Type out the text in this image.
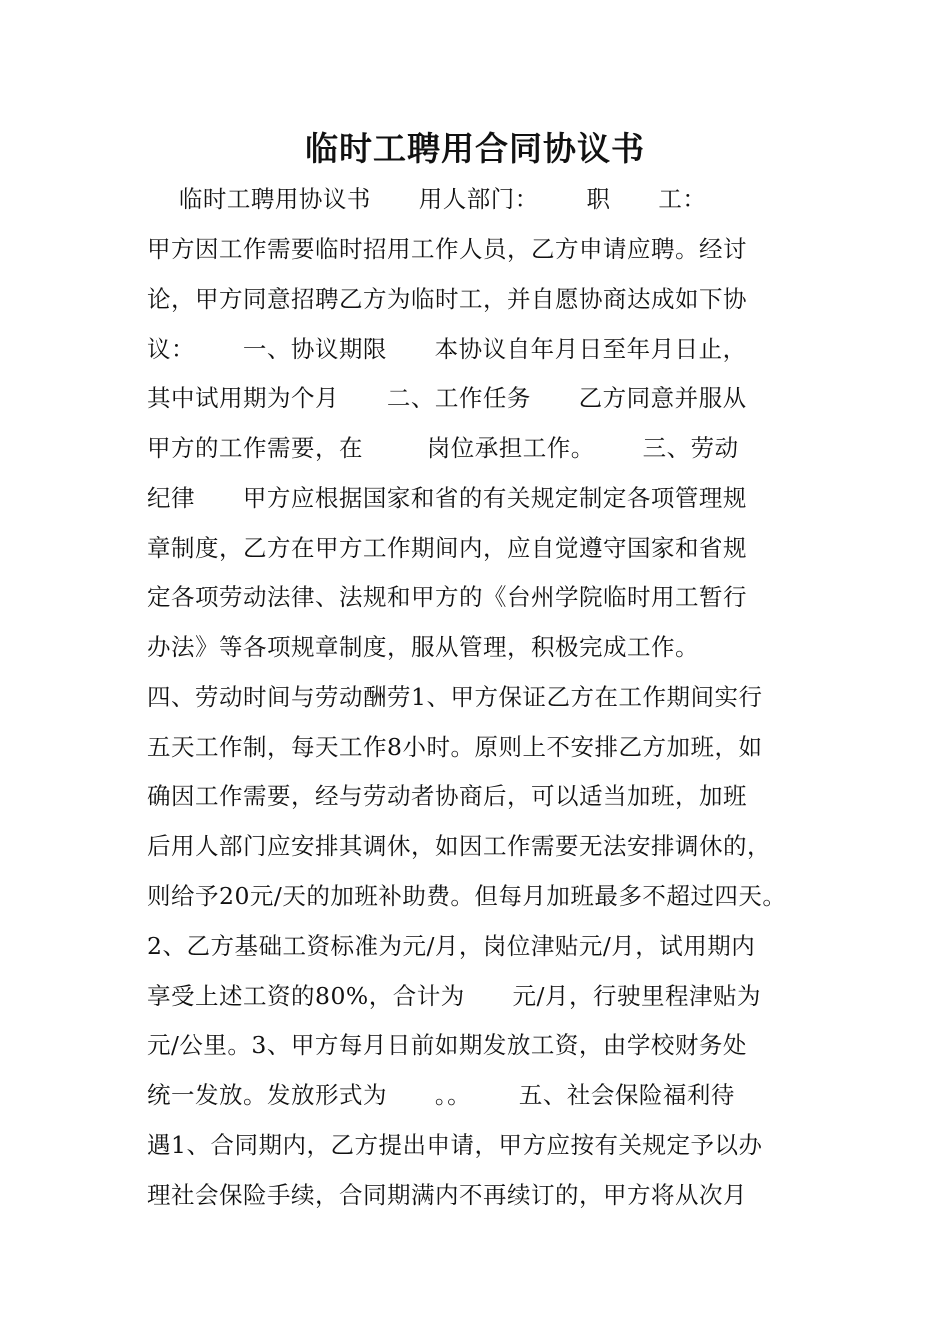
临时工聘用合同协议书
临时工聘用协议书      用人部门：      职      工：
甲方因工作需要临时招用工作人员，乙方申请应聘。经讨
论，甲方同意招聘乙方为临时工，并自愿协商达成如下协
议：      一、协议期限      本协议自年月日至年月日止，
其中试用期为个月      二、工作任务      乙方同意并服从
甲方的工作需要，在        岗位承担工作。      三、劳动
纪律      甲方应根据国家和省的有关规定制定各项管理规
章制度，乙方在甲方工作期间内，应自觉遵守国家和省规
定各项劳动法律、法规和甲方的《台州学院临时用工暂行
办法》等各项规章制度，服从管理，积极完成工作。
四、劳动时间与劳动酬劳1、甲方保证乙方在工作期间实行
五天工作制，每天工作8小时。原则上不安排乙方加班，如
确因工作需要，经与劳动者协商后，可以适当加班，加班
后用人部门应安排其调休，如因工作需要无法安排调休的，
则给予20元/天的加班补助费。但每月加班最多不超过四天。
2、乙方基础工资标准为元/月，岗位津贴元/月，试用期内
享受上述工资的80%，合计为      元/月，行驶里程津贴为
元/公里。3、甲方每月日前如期发放工资，由学校财务处
统一发放。发放形式为      。。      五、社会保险福利待
遇1、合同期内，乙方提出申请，甲方应按有关规定予以办
理社会保险手续，合同期满内不再续订的，甲方将从次月
